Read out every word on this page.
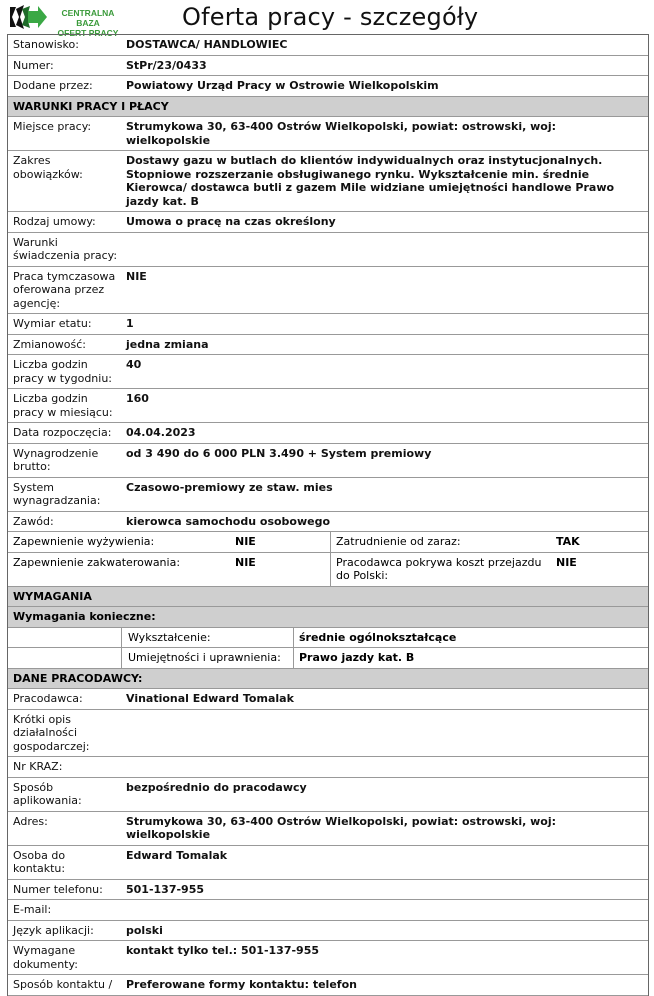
CENTRALNA BAZA
OFERT PRACY
Oferta pracy - szczegóły
Stanowisko:	DOSTAWCA/ HANDLOWIEC
Numer:	StPr/23/0433
Dodane przez:	Powiatowy Urząd Pracy w Ostrowie Wielkopolskim
WARUNKI PRACY I PŁACY
Miejsce pracy:	Strumykowa 30, 63-400 Ostrów Wielkopolski, powiat: ostrowski, woj: wielkopolskie
Zakres obowiązków:
Dostawy gazu w butlach do klientów indywidualnych oraz instytucjonalnych. Stopniowe rozszerzanie obsługiwanego rynku. Wykształcenie min. średnie Kierowca/ dostawca butli z gazem Mile widziane umiejętności handlowe Prawo jazdy kat. B
Rodzaj umowy:	Umowa o pracę na czas określony
Warunki świadczenia pracy:
Praca tymczasowa oferowana przez agencję:
NIE
Wymiar etatu:	1
Zmianowość:	jedna zmiana
Liczba godzin pracy w tygodniu:
40
Liczba godzin pracy w miesiącu:
160
Data rozpoczęcia:	04.04.2023
Wynagrodzenie brutto:
od 3 490 do 6 000 PLN 3.490 + System premiowy
System wynagradzania:
Czasowo-premiowy ze staw. mies
Zawód:	kierowca samochodu osobowego
Zapewnienie wyżywienia:	NIE	Zatrudnienie od zaraz:	TAK
Zapewnienie zakwaterowania:	NIE	Pracodawca pokrywa koszt przejazdu do Polski:
NIE
WYMAGANIA
Wymagania konieczne:
Wykształcenie:	średnie ogólnokształcące
Umiejętności i uprawnienia:	Prawo jazdy kat. B
DANE PRACODAWCY:
Pracodawca:	Vinational Edward Tomalak
Krótki opis działalności gospodarczej:
Nr KRAZ:
Sposób aplikowania:
bezpośrednio do pracodawcy
Adres:	Strumykowa 30, 63-400 Ostrów Wielkopolski, powiat: ostrowski, woj: wielkopolskie
Osoba do kontaktu:
Edward Tomalak
Numer telefonu:	501-137-955
E-mail:
Język aplikacji:	polski
Wymagane dokumenty:
kontakt tylko tel.: 501-137-955
Sposób kontaktu /	Preferowane formy kontaktu: telefon
